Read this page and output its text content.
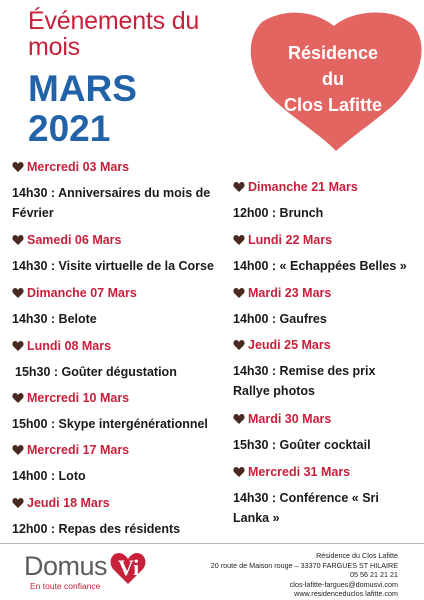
Événements du
mois
MARS
2021
Résidence
du
Clos Lafitte
Mercredi 03 Mars
14h30 : Anniversaires du mois de Février
Samedi 06 Mars
14h30 : Visite virtuelle de la Corse
Dimanche 07 Mars
14h30 : Belote
Lundi 08 Mars
15h30 : Goûter dégustation
Mercredi 10 Mars
15h00 : Skype intergénérationnel
Mercredi 17 Mars
14h00 : Loto
Jeudi 18 Mars
12h00 : Repas des résidents
Dimanche 21 Mars
12h00 : Brunch
Lundi 22 Mars
14h00 : « Echappées Belles »
Mardi 23 Mars
14h00 : Gaufres
Jeudi 25 Mars
14h30 : Remise des prix Rallye photos
Mardi 30 Mars
15h30 : Goûter cocktail
Mercredi 31 Mars
14h30 : Conférence « Sri Lanka »
Domus Vi
En toute confiance
Résidence du Clos Lafitte
20 route de Maison rouge – 33370 FARGUES ST HILAIRE
05 56 21 21 21
clos-lafitte-fargues@domusvi.com
www.residenceduclos lafitte.com
